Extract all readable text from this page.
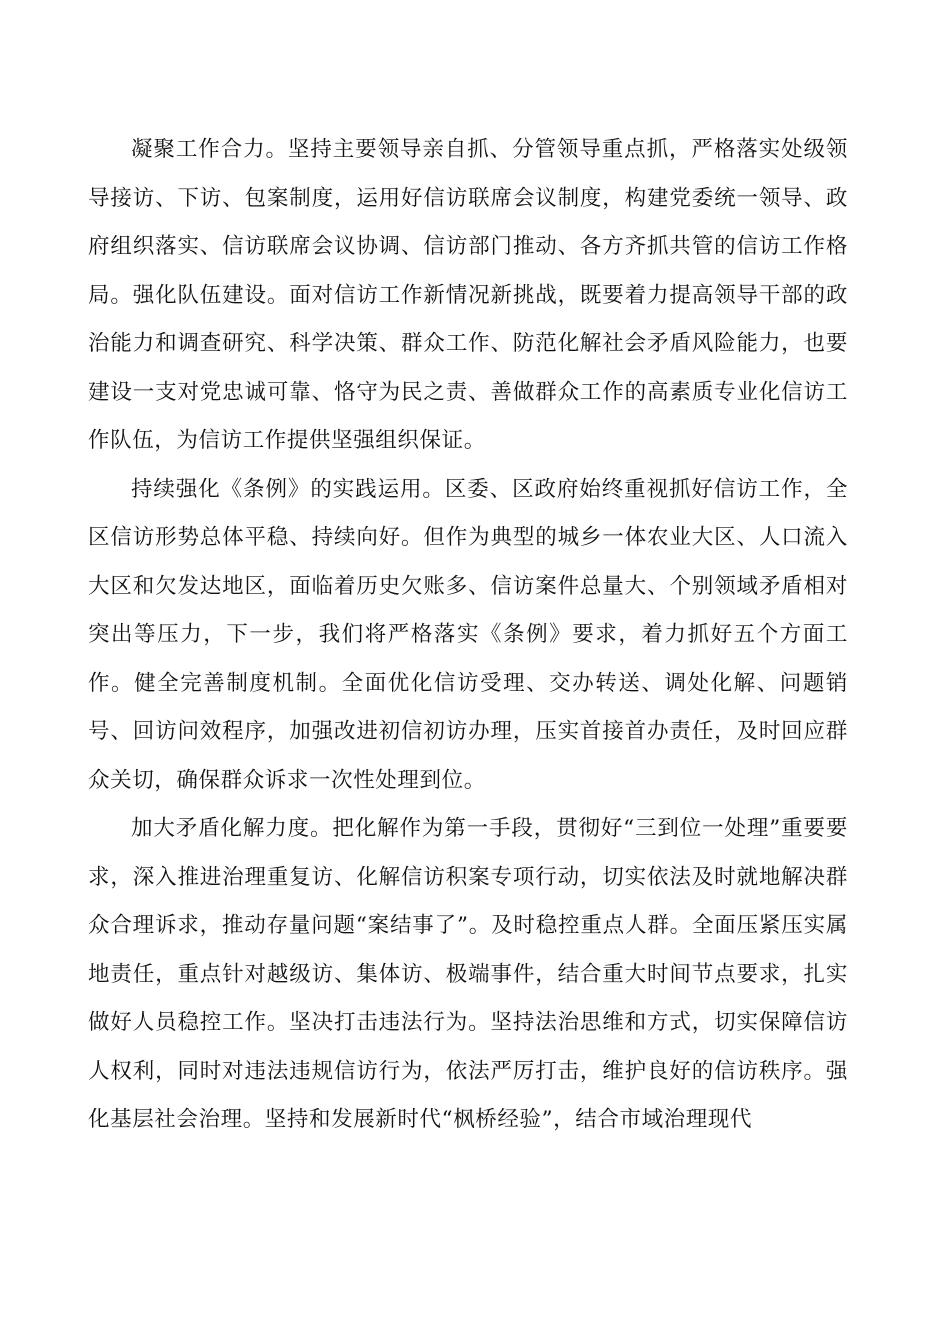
凝聚工作合力。坚持主要领导亲自抓、分管领导重点抓，严格落实处级领导接访、下访、包案制度，运用好信访联席会议制度，构建党委统一领导、政府组织落实、信访联席会议协调、信访部门推动、各方齐抓共管的信访工作格局。强化队伍建设。面对信访工作新情况新挑战，既要着力提高领导干部的政治能力和调查研究、科学决策、群众工作、防范化解社会矛盾风险能力，也要建设一支对党忠诚可靠、恪守为民之责、善做群众工作的高素质专业化信访工作队伍，为信访工作提供坚强组织保证。

持续强化《条例》的实践运用。区委、区政府始终重视抓好信访工作，全区信访形势总体平稳、持续向好。但作为典型的城乡一体农业大区、人口流入大区和欠发达地区，面临着历史欠账多、信访案件总量大、个别领域矛盾相对突出等压力，下一步，我们将严格落实《条例》要求，着力抓好五个方面工作。健全完善制度机制。全面优化信访受理、交办转送、调处化解、问题销号、回访问效程序，加强改进初信初访办理，压实首接首办责任，及时回应群众关切，确保群众诉求一次性处理到位。

加大矛盾化解力度。把化解作为第一手段，贯彻好“三到位一处理”重要要求，深入推进治理重复访、化解信访积案专项行动，切实依法及时就地解决群众合理诉求，推动存量问题“案结事了”。及时稳控重点人群。全面压紧压实属地责任，重点针对越级访、集体访、极端事件，结合重大时间节点要求，扎实做好人员稳控工作。坚决打击违法行为。坚持法治思维和方式，切实保障信访人权利，同时对违法违规信访行为，依法严厉打击，维护良好的信访秩序。强化基层社会治理。坚持和发展新时代“枫桥经验”，结合市域治理现代
